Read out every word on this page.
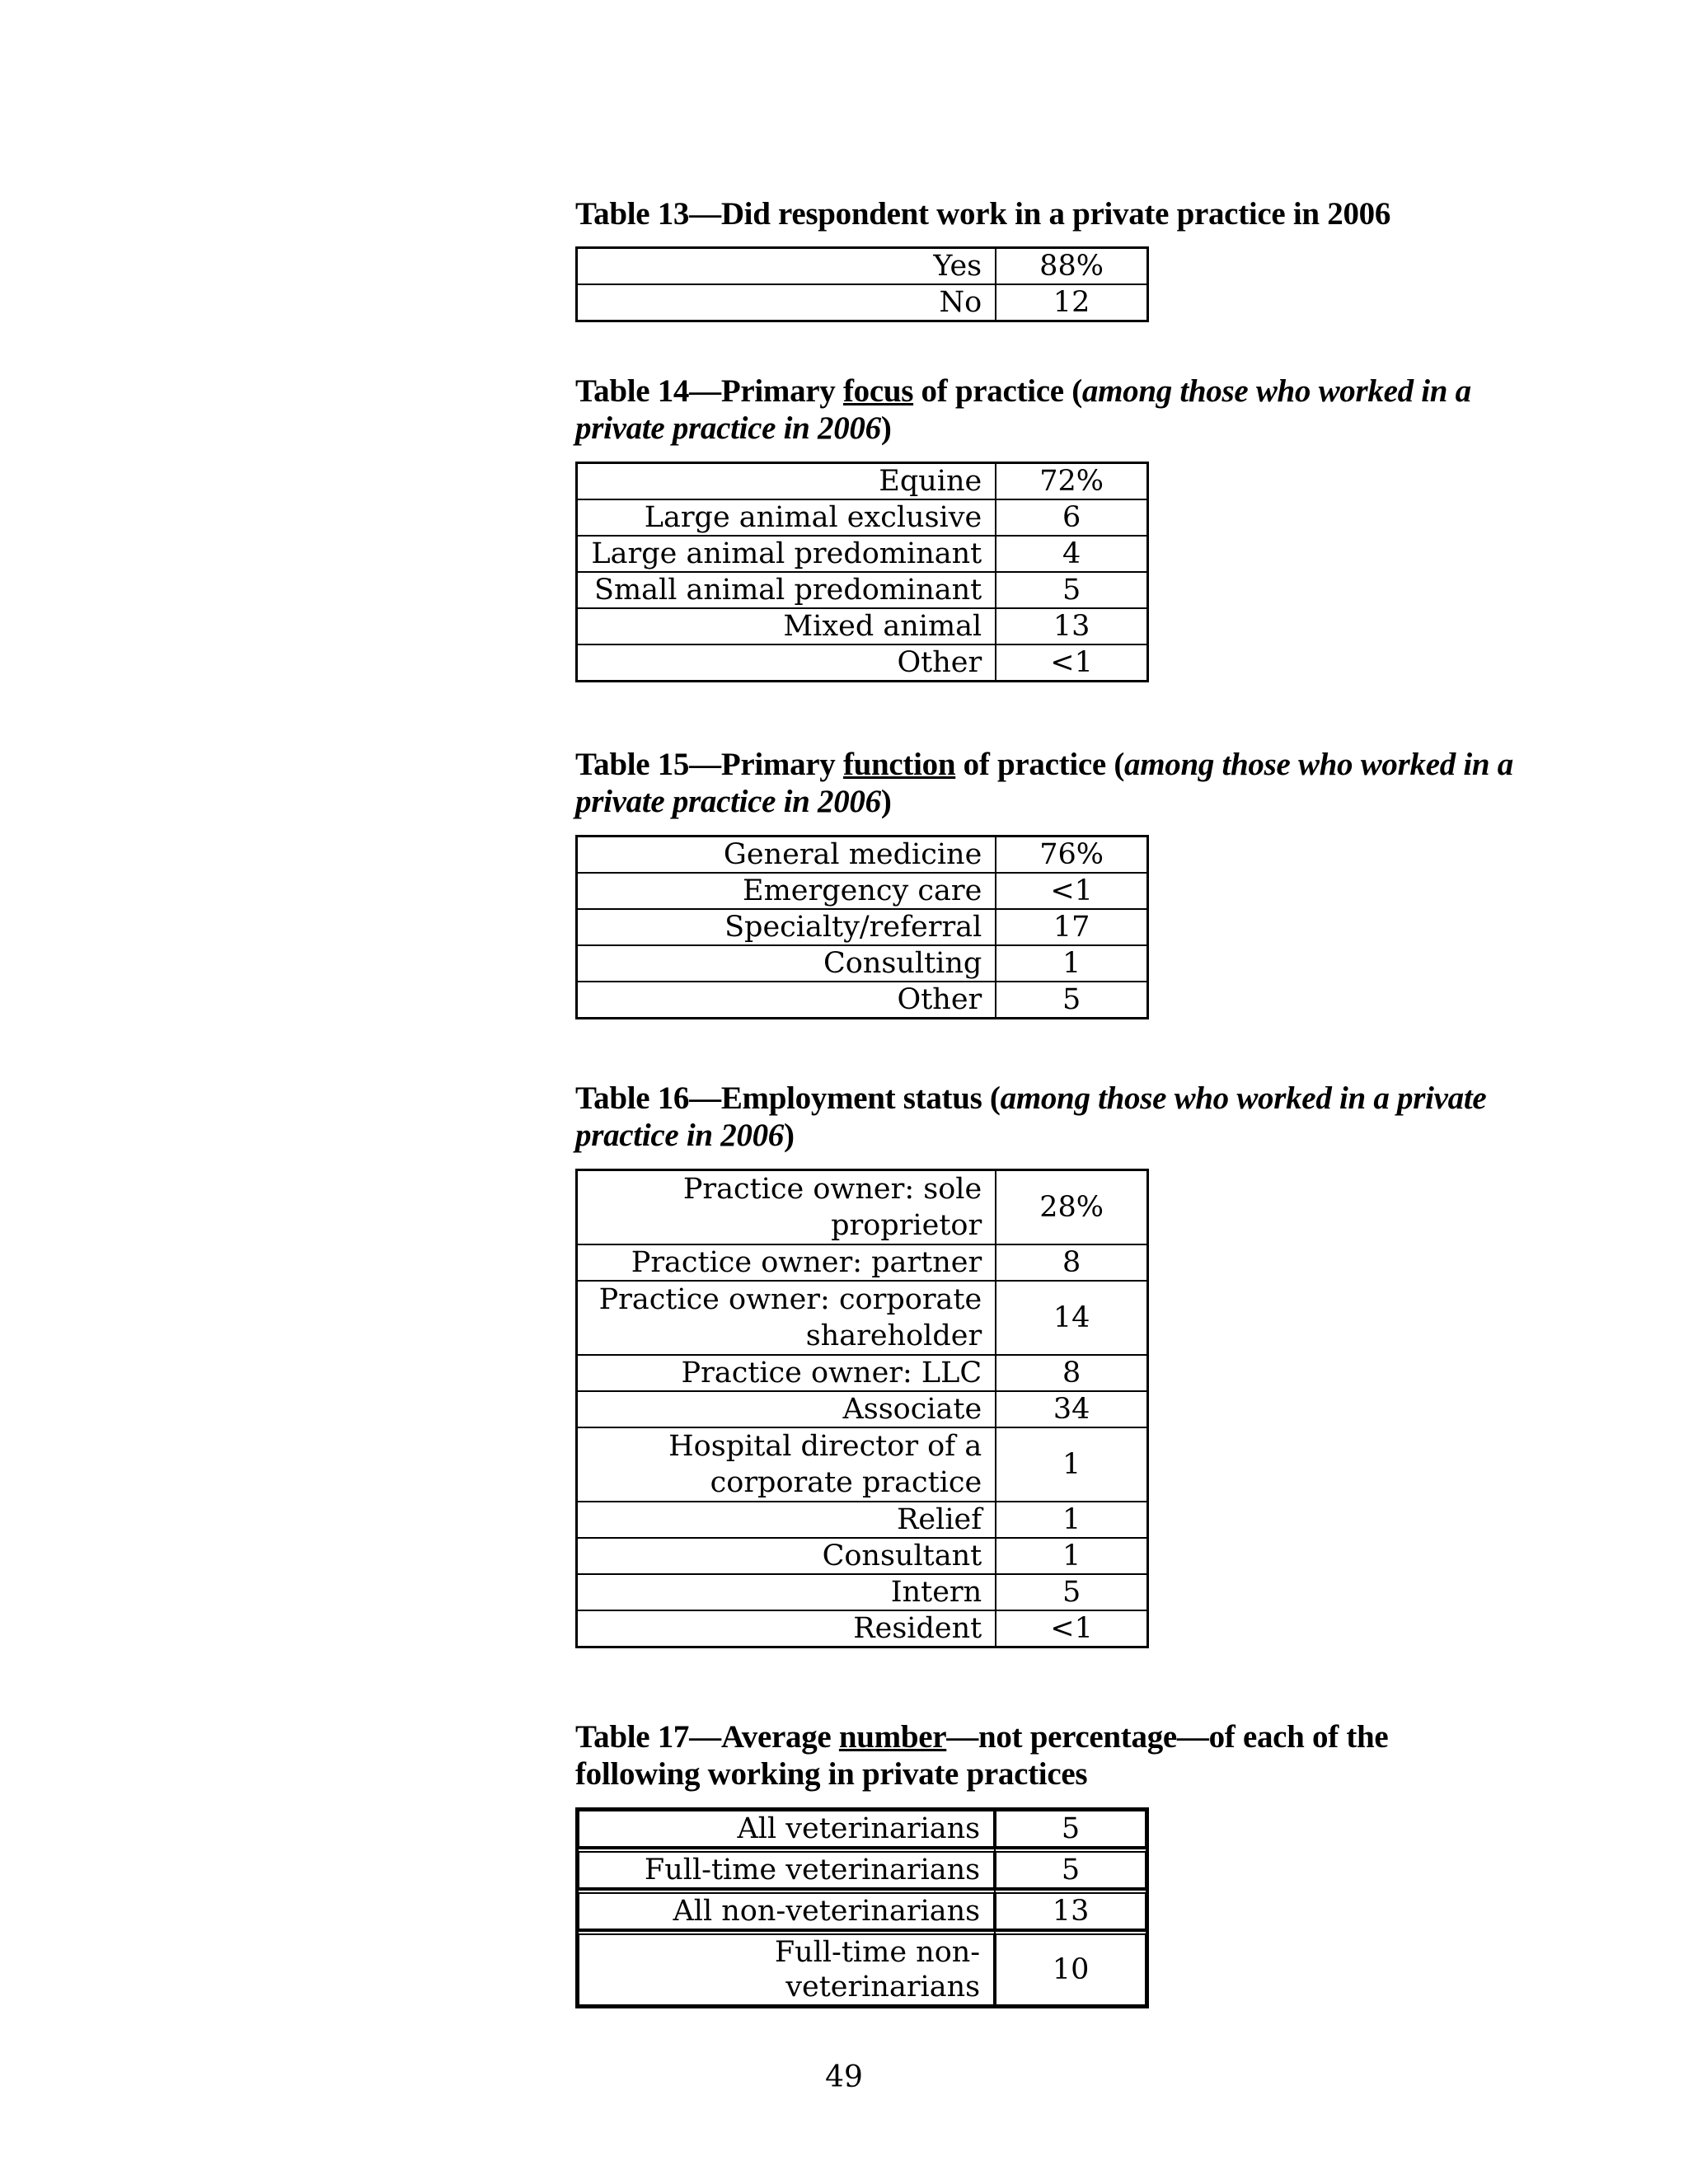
Table 13—Did respondent work in a private practice in 2006
Yes	88%
No	12
Table 14—Primary focus of practice (among those who worked in a private practice in 2006)
Equine	72%
Large animal exclusive	6
Large animal predominant	4
Small animal predominant	5
Mixed animal	13
Other	<1
Table 15—Primary function of practice (among those who worked in a private practice in 2006)
General medicine	76%
Emergency care	<1
Specialty/referral	17
Consulting	1
Other	5
Table 16—Employment status (among those who worked in a private practice in 2006)
Practice owner: sole proprietor	28%
Practice owner: partner	8
Practice owner: corporate shareholder	14
Practice owner: LLC	8
Associate	34
Hospital director of a corporate practice	1
Relief	1
Consultant	1
Intern	5
Resident	<1
Table 17—Average number—not percentage—of each of the following working in private practices
All veterinarians	5
Full-time veterinarians	5
All non-veterinarians	13
Full-time non-veterinarians	10
49
